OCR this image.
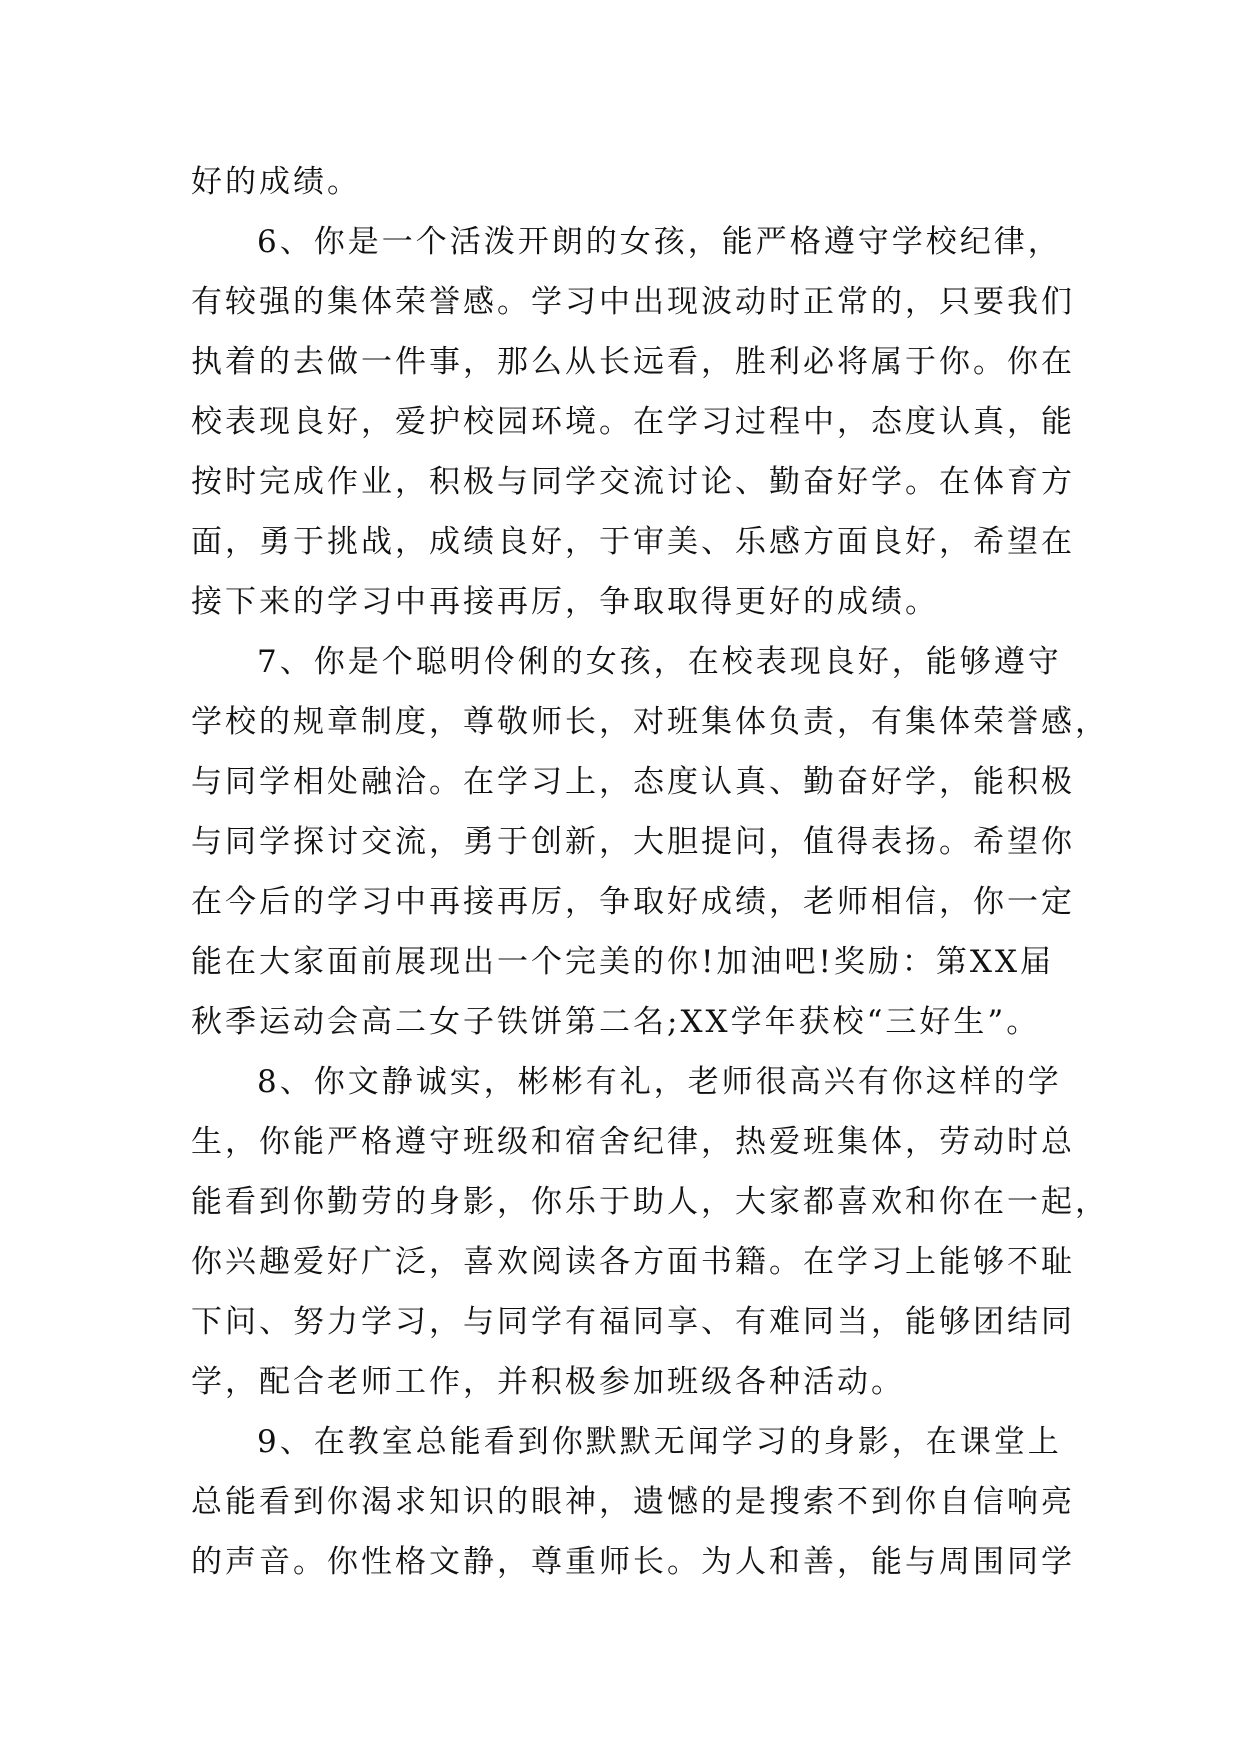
好的成绩。
6、你是一个活泼开朗的女孩，能严格遵守学校纪律，
有较强的集体荣誉感。学习中出现波动时正常的，只要我们
执着的去做一件事，那么从长远看，胜利必将属于你。你在
校表现良好，爱护校园环境。在学习过程中，态度认真，能
按时完成作业，积极与同学交流讨论、勤奋好学。在体育方
面，勇于挑战，成绩良好，于审美、乐感方面良好，希望在
接下来的学习中再接再厉，争取取得更好的成绩。
7、你是个聪明伶俐的女孩，在校表现良好，能够遵守
学校的规章制度，尊敬师长，对班集体负责，有集体荣誉感，
与同学相处融洽。在学习上，态度认真、勤奋好学，能积极
与同学探讨交流，勇于创新，大胆提问，值得表扬。希望你
在今后的学习中再接再厉，争取好成绩，老师相信，你一定
能在大家面前展现出一个完美的你!加油吧!奖励：第XX届
秋季运动会高二女子铁饼第二名;XX学年获校“三好生”。
8、你文静诚实，彬彬有礼，老师很高兴有你这样的学
生，你能严格遵守班级和宿舍纪律，热爱班集体，劳动时总
能看到你勤劳的身影，你乐于助人，大家都喜欢和你在一起，
你兴趣爱好广泛，喜欢阅读各方面书籍。在学习上能够不耻
下问、努力学习，与同学有福同享、有难同当，能够团结同
学，配合老师工作，并积极参加班级各种活动。
9、在教室总能看到你默默无闻学习的身影，在课堂上
总能看到你渴求知识的眼神，遗憾的是搜索不到你自信响亮
的声音。你性格文静，尊重师长。为人和善，能与周围同学
